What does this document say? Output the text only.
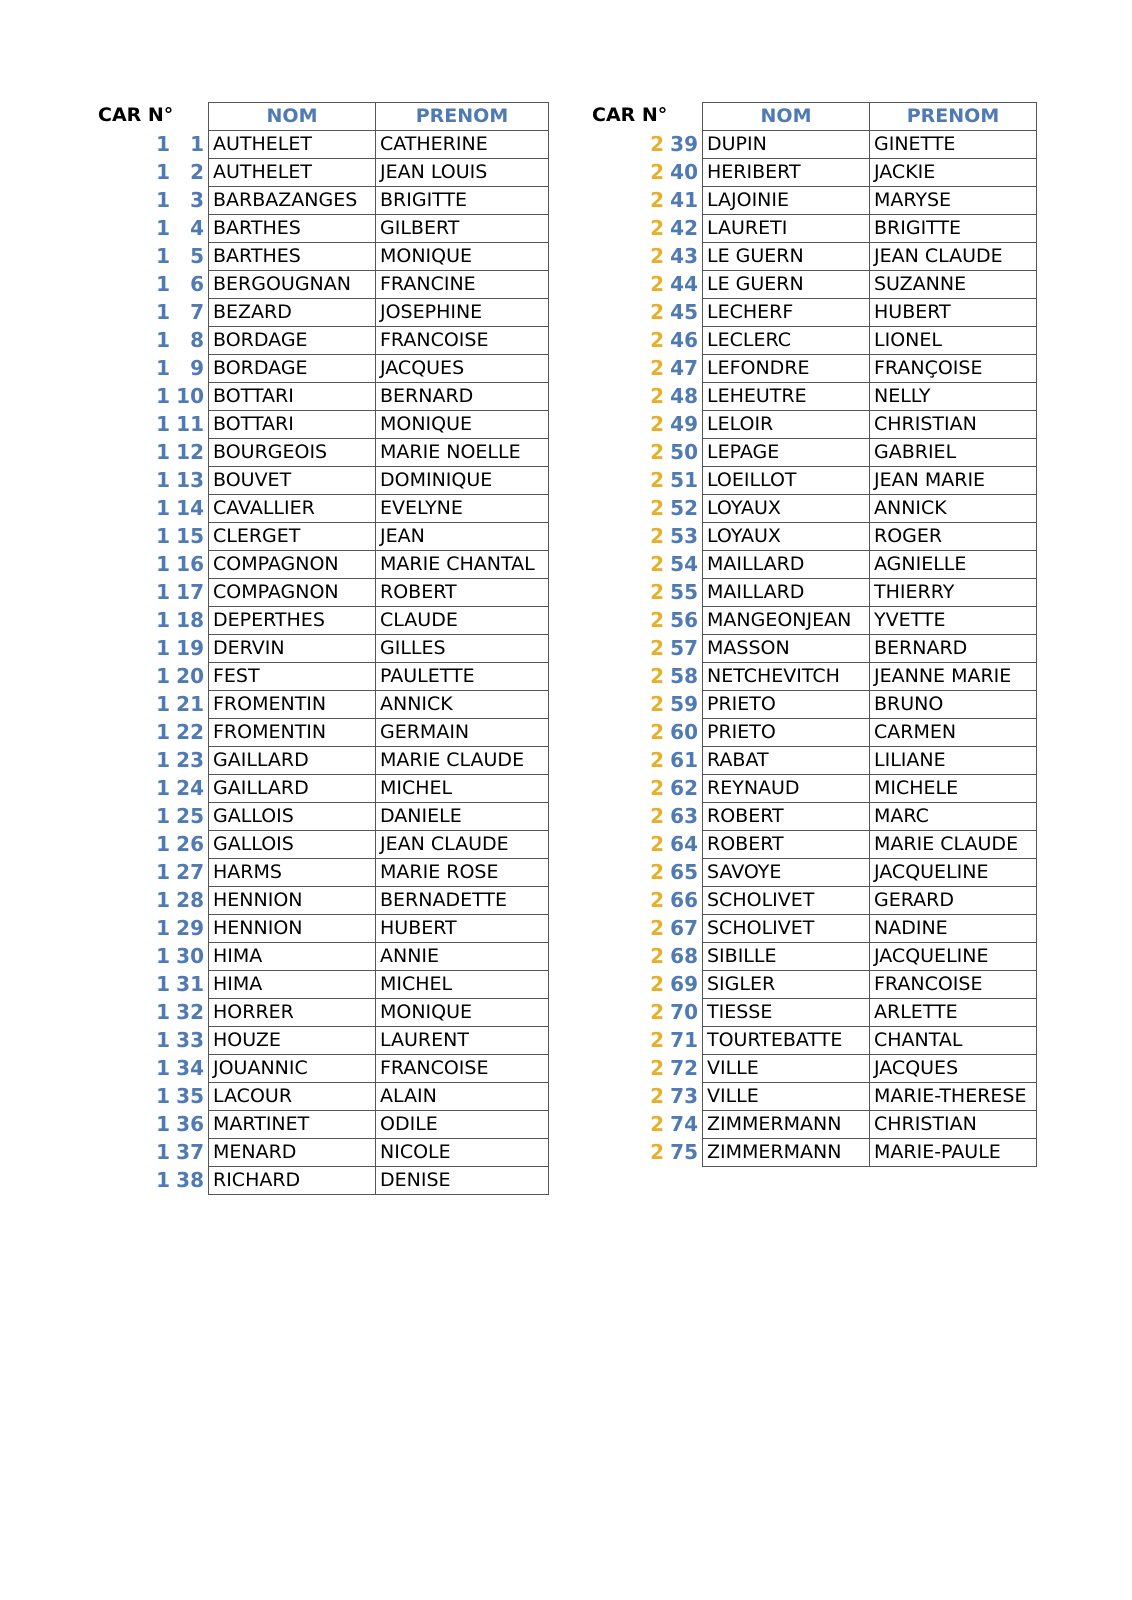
CAR N°	NOM	PRENOM
1	1 AUTHELET	CATHERINE
1	2 AUTHELET	JEAN LOUIS
1	3 BARBAZANGES	BRIGITTE
1	4 BARTHES	GILBERT
1	5 BARTHES	MONIQUE
1	6 BERGOUGNAN	FRANCINE
1	7 BEZARD	JOSEPHINE
1	8 BORDAGE	FRANCOISE
1	9 BORDAGE	JACQUES
1 10 BOTTARI	BERNARD
1 11 BOTTARI	MONIQUE
1 12 BOURGEOIS	MARIE NOELLE
1 13 BOUVET	DOMINIQUE
1 14 CAVALLIER	EVELYNE
1 15 CLERGET	JEAN
1 16 COMPAGNON	MARIE CHANTAL
1 17 COMPAGNON	ROBERT
1 18 DEPERTHES	CLAUDE
1 19 DERVIN	GILLES
1 20 FEST	PAULETTE
1 21 FROMENTIN	ANNICK
1 22 FROMENTIN	GERMAIN
1 23 GAILLARD	MARIE CLAUDE
1 24 GAILLARD	MICHEL
1 25 GALLOIS	DANIELE
1 26 GALLOIS	JEAN CLAUDE
1 27 HARMS	MARIE ROSE
1 28 HENNION	BERNADETTE
1 29 HENNION	HUBERT
1 30 HIMA	ANNIE
1 31 HIMA	MICHEL
1 32 HORRER	MONIQUE
1 33 HOUZE	LAURENT
1 34 JOUANNIC	FRANCOISE
1 35 LACOUR	ALAIN
1 36 MARTINET	ODILE
1 37 MENARD	NICOLE
1 38 RICHARD	DENISE
CAR N°	NOM	PRENOM
2 39 DUPIN	GINETTE
2 40 HERIBERT	JACKIE
2 41 LAJOINIE	MARYSE
2 42 LAURETI	BRIGITTE
2 43 LE GUERN	JEAN CLAUDE
2 44 LE GUERN	SUZANNE
2 45 LECHERF	HUBERT
2 46 LECLERC	LIONEL
2 47 LEFONDRE	FRANÇOISE
2 48 LEHEUTRE	NELLY
2 49 LELOIR	CHRISTIAN
2 50 LEPAGE	GABRIEL
2 51 LOEILLOT	JEAN MARIE
2 52 LOYAUX	ANNICK
2 53 LOYAUX	ROGER
2 54 MAILLARD	AGNIELLE
2 55 MAILLARD	THIERRY
2 56 MANGEONJEAN	YVETTE
2 57 MASSON	BERNARD
2 58 NETCHEVITCH	JEANNE MARIE
2 59 PRIETO	BRUNO
2 60 PRIETO	CARMEN
2 61 RABAT	LILIANE
2 62 REYNAUD	MICHELE
2 63 ROBERT	MARC
2 64 ROBERT	MARIE CLAUDE
2 65 SAVOYE	JACQUELINE
2 66 SCHOLIVET	GERARD
2 67 SCHOLIVET	NADINE
2 68 SIBILLE	JACQUELINE
2 69 SIGLER	FRANCOISE
2 70 TIESSE	ARLETTE
2 71 TOURTEBATTE	CHANTAL
2 72 VILLE	JACQUES
2 73 VILLE	MARIE-THERESE
2 74 ZIMMERMANN	CHRISTIAN
2 75 ZIMMERMANN	MARIE-PAULE
